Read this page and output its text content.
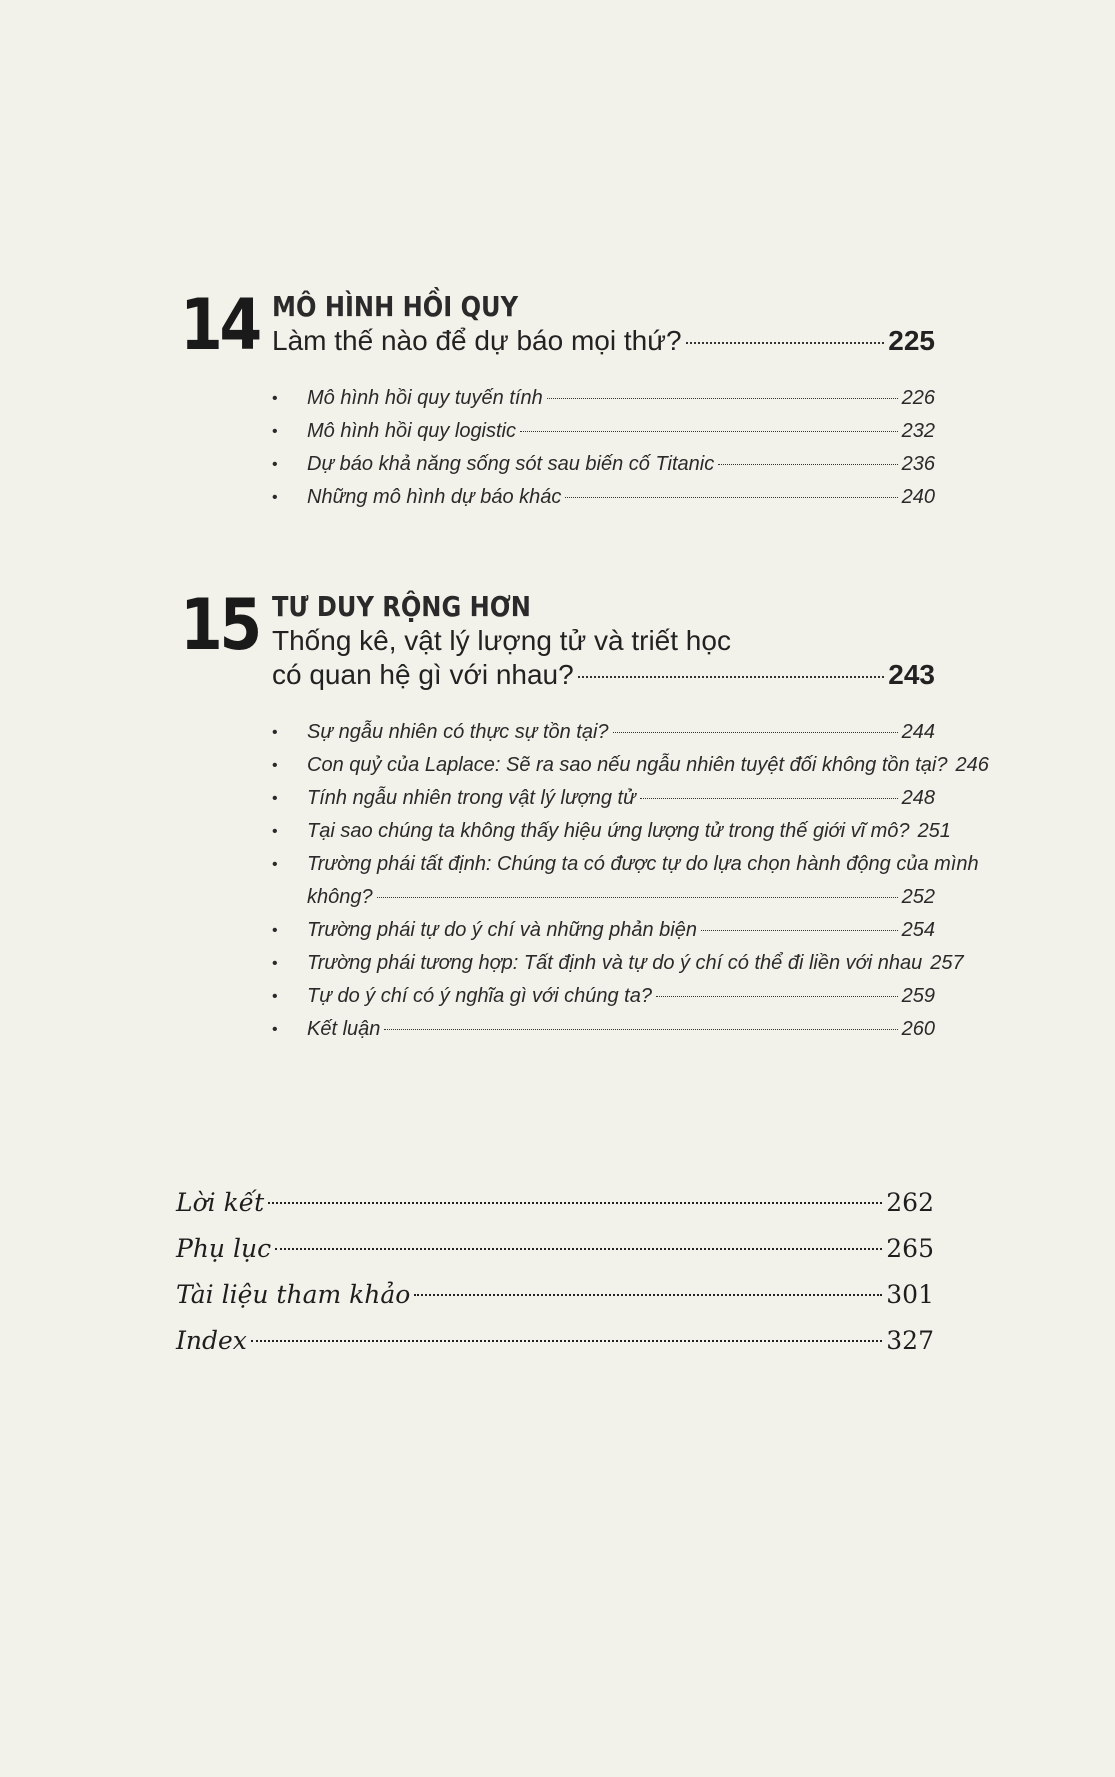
14 MÔ HÌNH HỒI QUY
Làm thế nào để dự báo mọi thứ?	225
• Mô hình hồi quy tuyến tính	226
• Mô hình hồi quy logistic	232
• Dự báo khả năng sống sót sau biến cố Titanic	236
• Những mô hình dự báo khác	240
15 TƯ DUY RỘNG HƠN
Thống kê, vật lý lượng tử và triết học
có quan hệ gì với nhau?	243
• Sự ngẫu nhiên có thực sự tồn tại?	244
• Con quỷ của Laplace: Sẽ ra sao nếu ngẫu nhiên tuyệt đối không tồn tại? 246
• Tính ngẫu nhiên trong vật lý lượng tử	248
• Tại sao chúng ta không thấy hiệu ứng lượng tử trong thế giới vĩ mô? 251
• Trường phái tất định: Chúng ta có được tự do lựa chọn hành động của mình
không?	252
• Trường phái tự do ý chí và những phản biện	254
• Trường phái tương hợp: Tất định và tự do ý chí có thể đi liền với nhau 257
• Tự do ý chí có ý nghĩa gì với chúng ta?	259
• Kết luận	260
Lời kết	262
Phụ lục	265
Tài liệu tham khảo	301
Index	327
